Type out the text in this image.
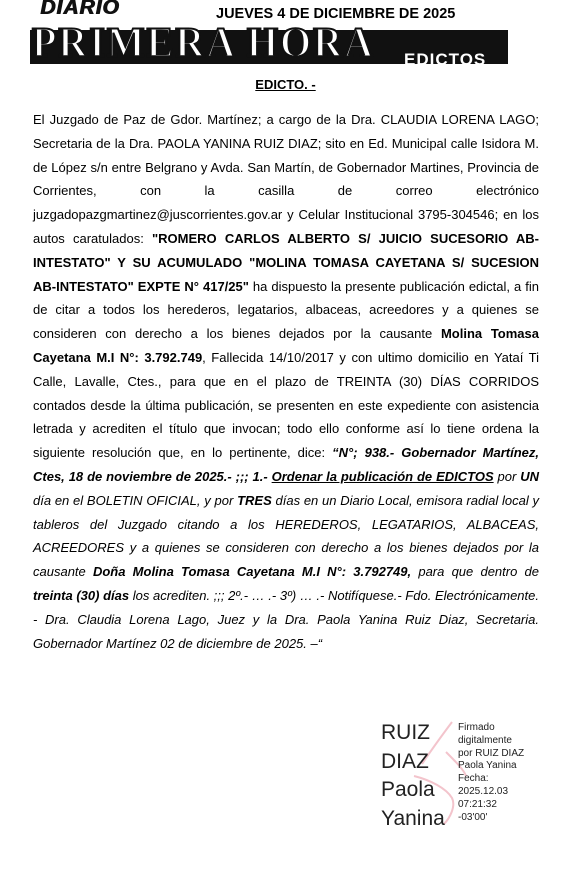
DIARIO
PRIMERA HORA EDICTOS
JUEVES 4 DE DICIEMBRE DE 2025
EDICTO. -
El Juzgado de Paz de Gdor. Martínez; a cargo de la Dra. CLAUDIA LORENA LAGO; Secretaria de la Dra. PAOLA YANINA RUIZ DIAZ; sito en Ed. Municipal calle Isidora M. de López s/n entre Belgrano y Avda. San Martín, de Gobernador Martines, Provincia de Corrientes, con la casilla de correo electrónico juzgadopazgmartinez@juscorrientes.gov.ar y Celular Institucional 3795-304546; en los autos caratulados: "ROMERO CARLOS ALBERTO S/ JUICIO SUCESORIO AB-INTESTATO" Y SU ACUMULADO "MOLINA TOMASA CAYETANA S/ SUCESION AB-INTESTATO" EXPTE N° 417/25" ha dispuesto la presente publicación edictal, a fin de citar a todos los herederos, legatarios, albaceas, acreedores y a quienes se consideren con derecho a los bienes dejados por la causante Molina Tomasa Cayetana M.I N°: 3.792.749, Fallecida 14/10/2017 y con ultimo domicilio en Yataí Ti Calle, Lavalle, Ctes., para que en el plazo de TREINTA (30) DÍAS CORRIDOS contados desde la última publicación, se presenten en este expediente con asistencia letrada y acrediten el título que invocan; todo ello conforme así lo tiene ordena la siguiente resolución que, en lo pertinente, dice: “N°; 938.- Gobernador Martínez, Ctes, 18 de noviembre de 2025.- ;;; 1.- Ordenar la publicación de EDICTOS por UN día en el BOLETIN OFICIAL, y por TRES días en un Diario Local, emisora radial local y tableros del Juzgado citando a los HEREDEROS, LEGATARIOS, ALBACEAS, ACREEDORES y a quienes se consideren con derecho a los bienes dejados por la causante Doña Molina Tomasa Cayetana M.I N°: 3.792749, para que dentro de treinta (30) días los acrediten. ;;; 2º.- … .- 3º) … .- Notifíquese.- Fdo. Electrónicamente. - Dra. Claudia Lorena Lago, Juez y la Dra. Paola Yanina Ruiz Diaz, Secretaria. Gobernador Martínez 02 de diciembre de 2025. –“
RUIZ
DIAZ
Paola
Yanina
Firmado
digitalmente
por RUIZ DIAZ
Paola Yanina
Fecha:
2025.12.03
07:21:32
-03'00'
